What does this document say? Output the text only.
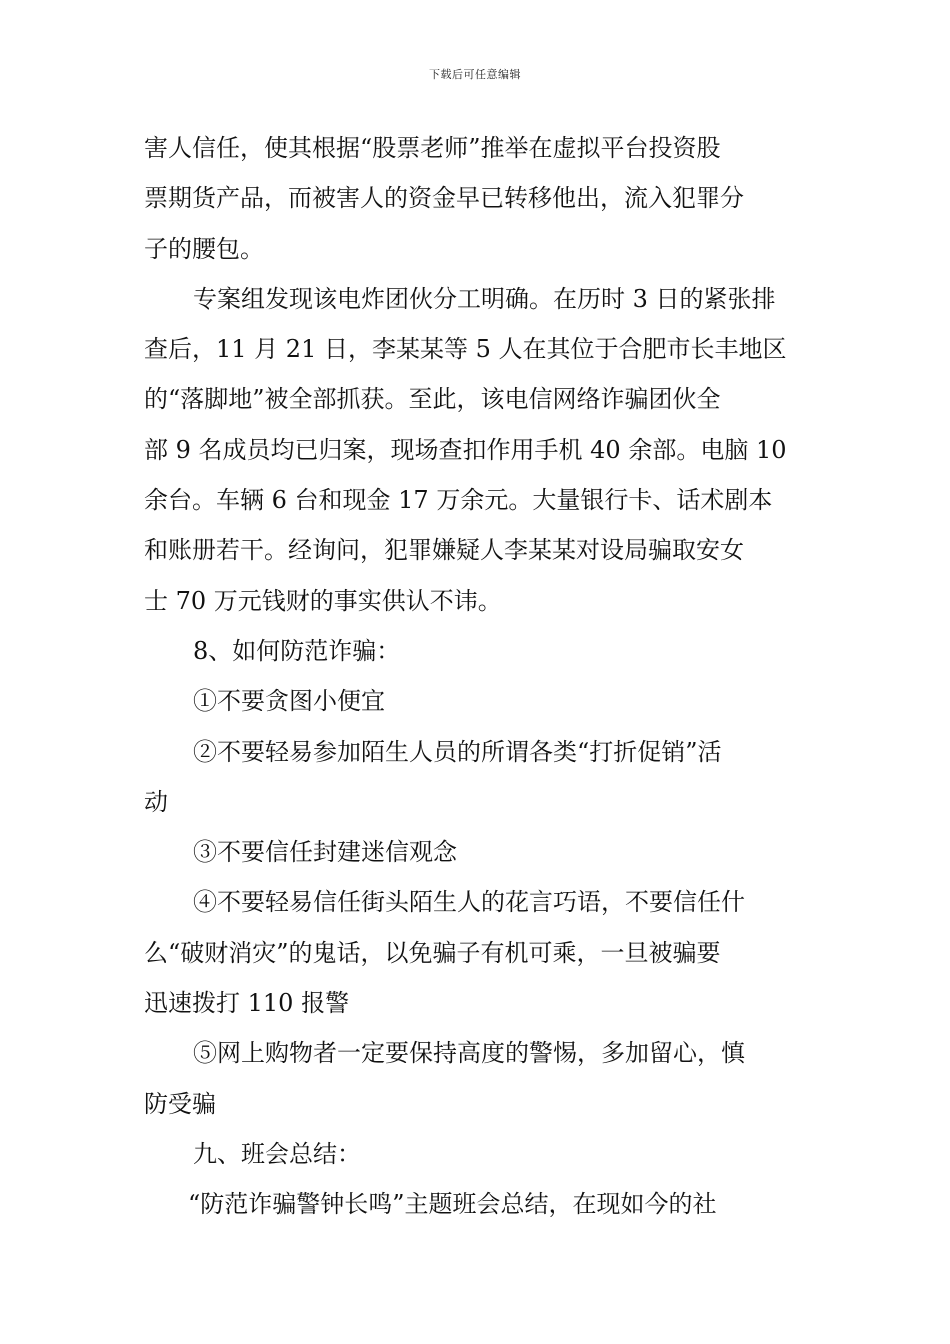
下载后可任意编辑
害人信任，使其根据“股票老师”推举在虚拟平台投资股
票期货产品，而被害人的资金早已转移他出，流入犯罪分
子的腰包。
专案组发现该电炸团伙分工明确。在历时 3 日的紧张排
查后，11 月 21 日，李某某等 5 人在其位于合肥市长丰地区
的“落脚地”被全部抓获。至此，该电信网络诈骗团伙全
部 9 名成员均已归案，现场查扣作用手机 40 余部。电脑 10
余台。车辆 6 台和现金 17 万余元。大量银行卡、话术剧本
和账册若干。经询问，犯罪嫌疑人李某某对设局骗取安女
士 70 万元钱财的事实供认不讳。
8、如何防范诈骗：
①不要贪图小便宜
②不要轻易参加陌生人员的所谓各类“打折促销”活
动
③不要信任封建迷信观念
④不要轻易信任街头陌生人的花言巧语，不要信任什
么“破财消灾”的鬼话，以免骗子有机可乘，一旦被骗要
迅速拨打 110 报警
⑤网上购物者一定要保持高度的警惕，多加留心，慎
防受骗
九、班会总结：
“防范诈骗警钟长鸣”主题班会总结，在现如今的社
